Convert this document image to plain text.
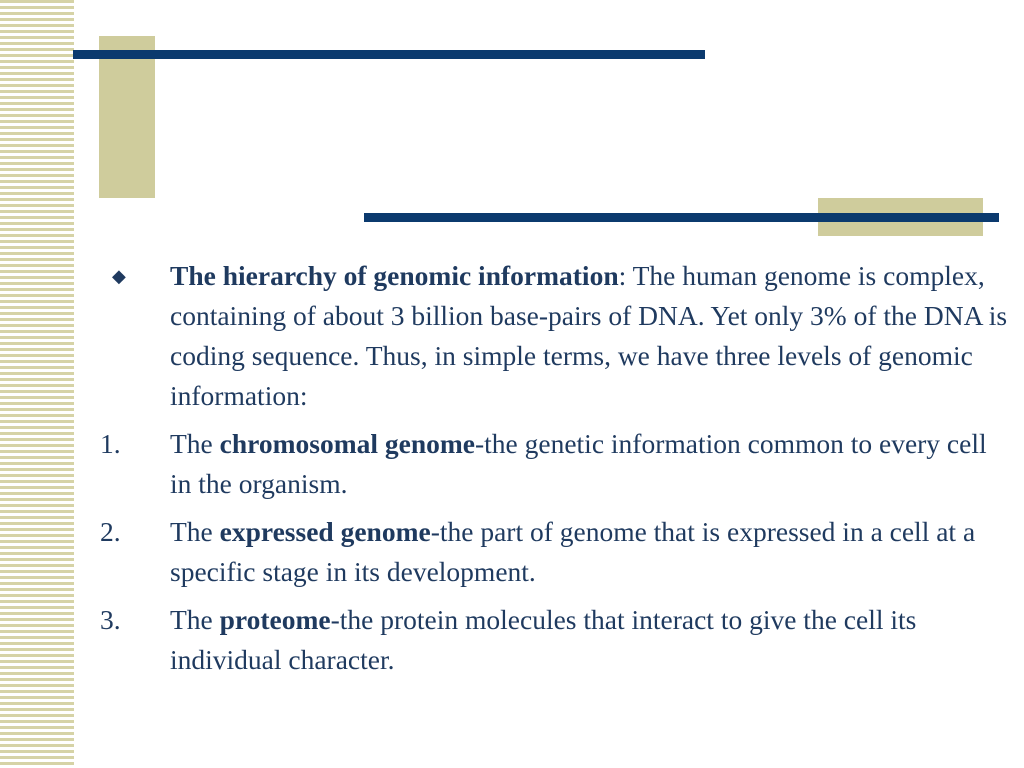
◆ The hierarchy of genomic information: The human genome is complex, containing of about 3 billion base-pairs of DNA. Yet only 3% of the DNA is coding sequence. Thus, in simple terms, we have three levels of genomic information:
1. The chromosomal genome-the genetic information common to every cell in the organism.
2. The expressed genome-the part of genome that is expressed in a cell at a specific stage in its development.
3. The proteome-the protein molecules that interact to give the cell its individual character.
